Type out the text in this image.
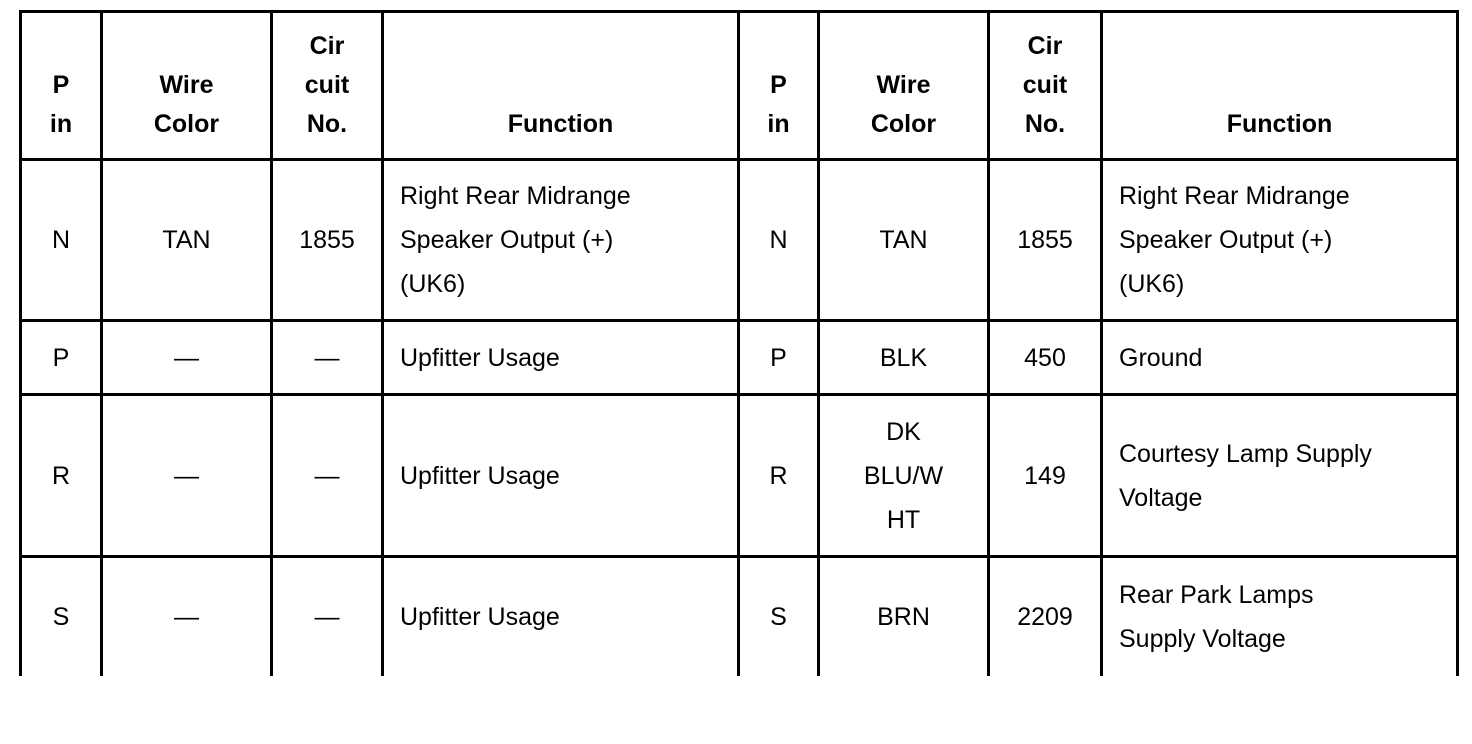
P
in	Wire
Color	Cir
cuit
No.	Function	P
in	Wire
Color	Cir
cuit
No.	Function
N	TAN	1855	Right Rear Midrange
Speaker Output (+)
(UK6)	N	TAN	1855	Right Rear Midrange
Speaker Output (+)
(UK6)
P	—	—	Upfitter Usage	P	BLK	450	Ground
R	—	—	Upfitter Usage	R	DK
BLU/W
HT	149	Courtesy Lamp Supply
Voltage
S	—	—	Upfitter Usage	S	BRN	2209	Rear Park Lamps
Supply Voltage
